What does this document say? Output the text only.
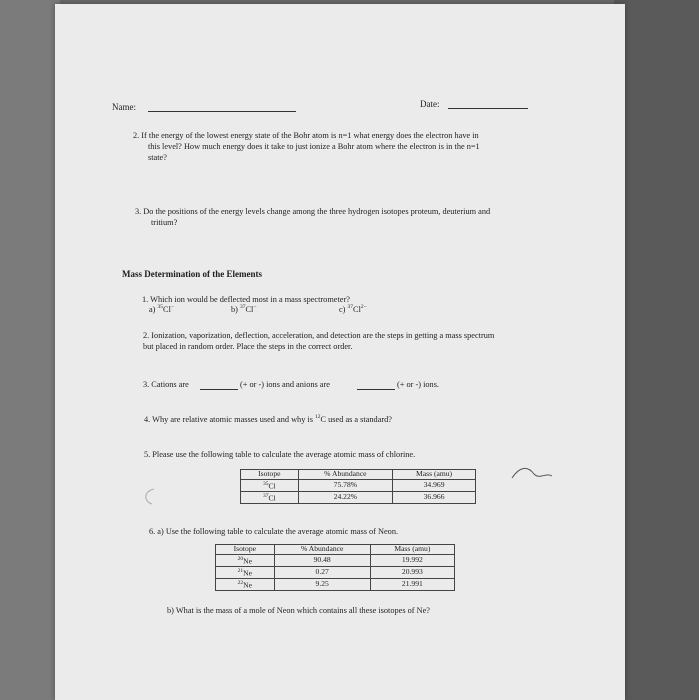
Name:	Date:
2. If the energy of the lowest energy state of the Bohr atom is n=1 what energy does the electron have in
this level? How much energy does it take to just ionize a Bohr atom where the electron is in the n=1
state?
3. Do the positions of the energy levels change among the three hydrogen isotopes proteum, deuterium and
tritium?
Mass Determination of the Elements
1. Which ion would be deflected most in a mass spectrometer?
a) $^{35}$Cl−	b) $^{37}$Cl−	c) $^{37}Cl^{2-}$
2. Ionization, vaporization, deflection, acceleration, and detection are the steps in getting a mass spectrum
but placed in random order. Place the steps in the correct order.
3. Cations are	(+ or -) ions and anions are	(+ or -) ions.
4. Why are relative atomic masses used and why is $^{12}$C used as a standard?
5. Please use the following table to calculate the average atomic mass of chlorine.
Isotope	% Abundance	Mass (amu)
$^{35}$Cl	75.78%	34.969
$^{37}$Cl	24.22%	36.966
6. a) Use the following table to calculate the average atomic mass of Neon.
Isotope	% Abundance	Mass (amu)
$^{20}$Ne	90.48	19.992
$^{21}$Ne	0.27	20.993
$^{22}$Ne	9.25	21.991
b) What is the mass of a mole of Neon which contains all these isotopes of Ne?
